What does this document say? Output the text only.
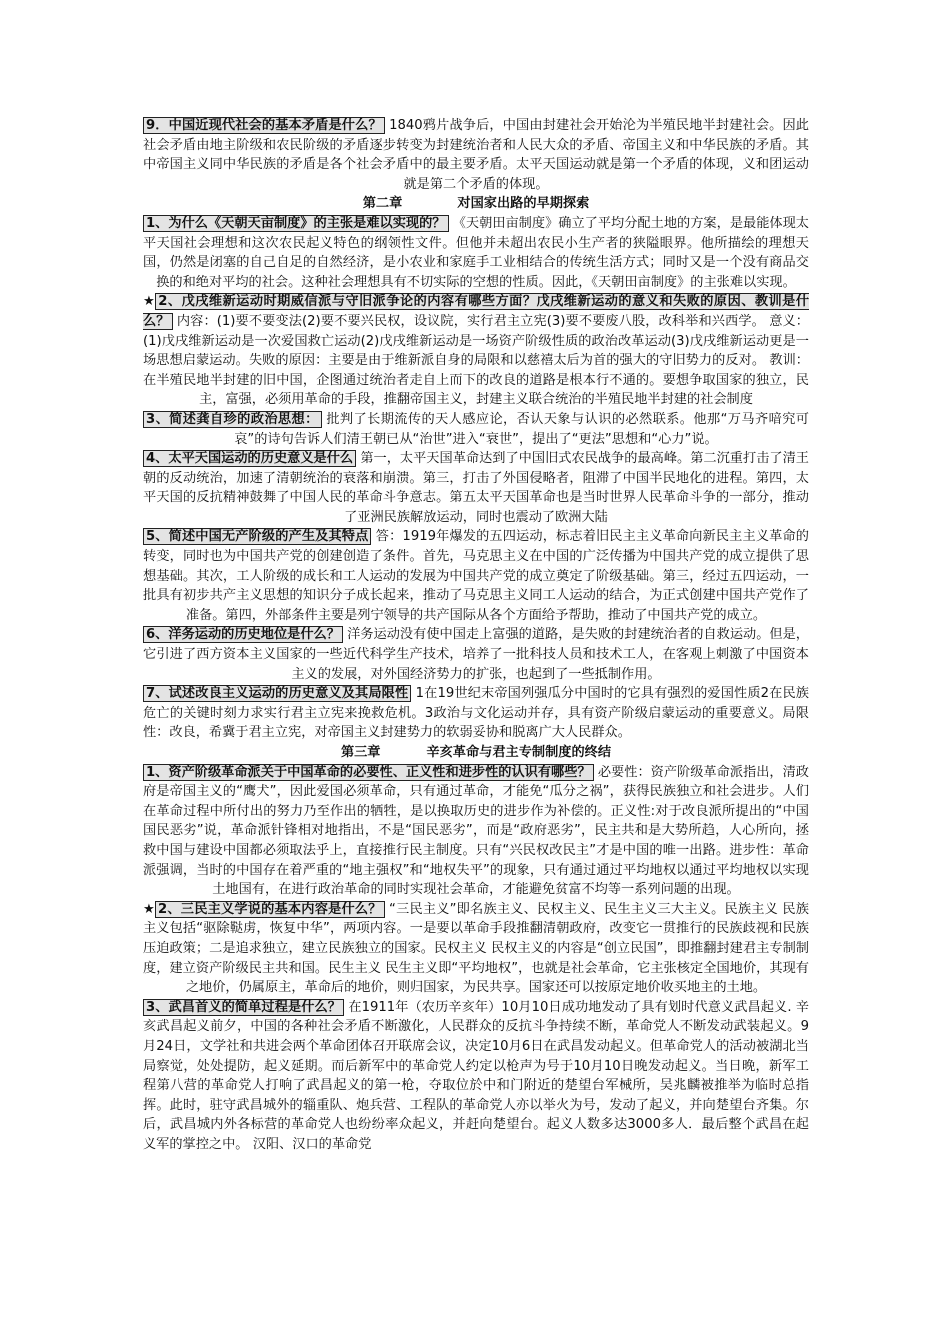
9．中国近现代社会的基本矛盾是什么？ 1840鸦片战争后，中国由封建社会开始沦为半殖民地半封建社会。因此社会矛盾由地主阶级和农民阶级的矛盾逐步转变为封建统治者和人民大众的矛盾、帝国主义和中华民族的矛盾。其中帝国主义同中华民族的矛盾是各个社会矛盾中的最主要矛盾。太平天国运动就是第一个矛盾的体现，义和团运动就是第二个矛盾的体现。

第二章            对国家出路的早期探索

1、为什么《天朝天亩制度》的主张是难以实现的？ 《天朝田亩制度》确立了平均分配土地的方案，是最能体现太平天国社会理想和这次农民起义特色的纲领性文件。但他并未超出农民小生产者的狭隘眼界。他所描绘的理想天国，仍然是闭塞的自己自足的自然经济，是小农业和家庭手工业相结合的传统生活方式；同时又是一个没有商品交换的和绝对平均的社会。这种社会理想具有不切实际的空想的性质。因此，《天朝田亩制度》的主张难以实现。

★ 2、戊戌维新运动时期威信派与守旧派争论的内容有哪些方面？戊戌维新运动的意义和失败的原因、教训是什么？ 内容：(1)要不要变法(2)要不要兴民权，设议院，实行君主立宪(3)要不要废八股，改科举和兴西学。 意义：(1)戊戌维新运动是一次爱国救亡运动(2)戊戌维新运动是一场资产阶级性质的政治改革运动(3)戊戌维新运动更是一场思想启蒙运动。失败的原因：主要是由于维新派自身的局限和以慈禧太后为首的强大的守旧势力的反对。 教训：在半殖民地半封建的旧中国，企图通过统治者走自上而下的改良的道路是根本行不通的。要想争取国家的独立，民主，富强，必须用革命的手段，推翻帝国主义，封建主义联合统治的半殖民地半封建的社会制度

3、简述龚自珍的政治思想： 批判了长期流传的天人感应论，否认天象与认识的必然联系。他那“万马齐喑究可哀”的诗句告诉人们清王朝已从“治世”进入“衰世”，提出了“更法”思想和“心力”说。

4、太平天国运动的历史意义是什么 第一，太平天国革命达到了中国旧式农民战争的最高峰。第二沉重打击了清王朝的反动统治，加速了清朝统治的衰落和崩溃。第三，打击了外国侵略者，阻滞了中国半民地化的进程。第四，太平天国的反抗精神鼓舞了中国人民的革命斗争意志。第五太平天国革命也是当时世界人民革命斗争的一部分，推动了亚洲民族解放运动，同时也震动了欧洲大陆

5、简述中国无产阶级的产生及其特点 答：1919年爆发的五四运动，标志着旧民主主义革命向新民主主义革命的转变，同时也为中国共产党的创建创造了条件。首先，马克思主义在中国的广泛传播为中国共产党的成立提供了思想基础。其次，工人阶级的成长和工人运动的发展为中国共产党的成立奠定了阶级基础。第三，经过五四运动，一批具有初步共产主义思想的知识分子成长起来，推动了马克思主义同工人运动的结合，为正式创建中国共产党作了准备。第四，外部条件主要是列宁领导的共产国际从各个方面给予帮助，推动了中国共产党的成立。

6、洋务运动的历史地位是什么？ 洋务运动没有使中国走上富强的道路，是失败的封建统治者的自救运动。但是，它引进了西方资本主义国家的一些近代科学生产技术，培养了一批科技人员和技术工人，在客观上刺激了中国资本主义的发展，对外国经济势力的扩张，也起到了一些抵制作用。

7、试述改良主义运动的历史意义及其局限性 1在19世纪末帝国列强瓜分中国时的它具有强烈的爱国性质2在民族危亡的关键时刻力求实行君主立宪来挽救危机。3政治与文化运动并存，具有资产阶级启蒙运动的重要意义。局限性：改良，希冀于君主立宪，对帝国主义封建势力的软弱妥协和脱离广大人民群众。

第三章          辛亥革命与君主专制制度的终结

1、资产阶级革命派关于中国革命的必要性、正义性和进步性的认识有哪些？ 必要性：资产阶级革命派指出，清政府是帝国主义的“鹰犬”，因此爱国必须革命，只有通过革命，才能免“瓜分之祸”，获得民族独立和社会进步。人们在革命过程中所付出的努力乃至作出的牺牲，是以换取历史的进步作为补偿的。正义性:对于改良派所提出的“中国国民恶劣”说，革命派针锋相对地指出，不是“国民恶劣”，而是“政府恶劣”，民主共和是大势所趋，人心所向，拯救中国与建设中国都必须取法乎上，直接推行民主制度。只有“兴民权改民主”才是中国的唯一出路。进步性：革命派强调，当时的中国存在着严重的“地主强权”和“地权失平”的现象，只有通过通过平均地权以通过平均地权以实现土地国有，在进行政治革命的同时实现社会革命，才能避免贫富不均等一系列问题的出现。

★ 2、三民主义学说的基本内容是什么？ “三民主义”即名族主义、民权主义、民生主义三大主义。民族主义 民族主义包括“驱除鞑虏，恢复中华”，两项内容。一是要以革命手段推翻清朝政府，改变它一贯推行的民族歧视和民族压迫政策；二是追求独立，建立民族独立的国家。民权主义 民权主义的内容是“创立民国”，即推翻封建君主专制制度，建立资产阶级民主共和国。民生主义 民生主义即“平均地权”，也就是社会革命，它主张核定全国地价，其现有之地价，仍属原主，革命后的地价，则归国家，为民共享。国家还可以按原定地价收买地主的土地。

3、武昌首义的简单过程是什么？ 在1911年（农历辛亥年）10月10日成功地发动了具有划时代意义武昌起义. 辛亥武昌起义前夕，中国的各种社会矛盾不断激化，人民群众的反抗斗争持续不断，革命党人不断发动武装起义。9月24日，文学社和共进会两个革命团体召开联席会议，决定10月6日在武昌发动起义。但革命党人的活动被湖北当局察觉，处处提防，起义延期。而后新军中的革命党人约定以枪声为号于10月10日晚发动起义。当日晚，新军工程第八营的革命党人打响了武昌起义的第一枪，夺取位於中和门附近的楚望台军械所，吴兆麟被推举为临时总指挥。此时，驻守武昌城外的辎重队、炮兵营、工程队的革命党人亦以举火为号，发动了起义，并向楚望台齐集。尔后，武昌城内外各标营的革命党人也纷纷率众起义，并赶向楚望台。起义人数多达3000多人．最后整个武昌在起义军的掌控之中。 汉阳、汉口的革命党
